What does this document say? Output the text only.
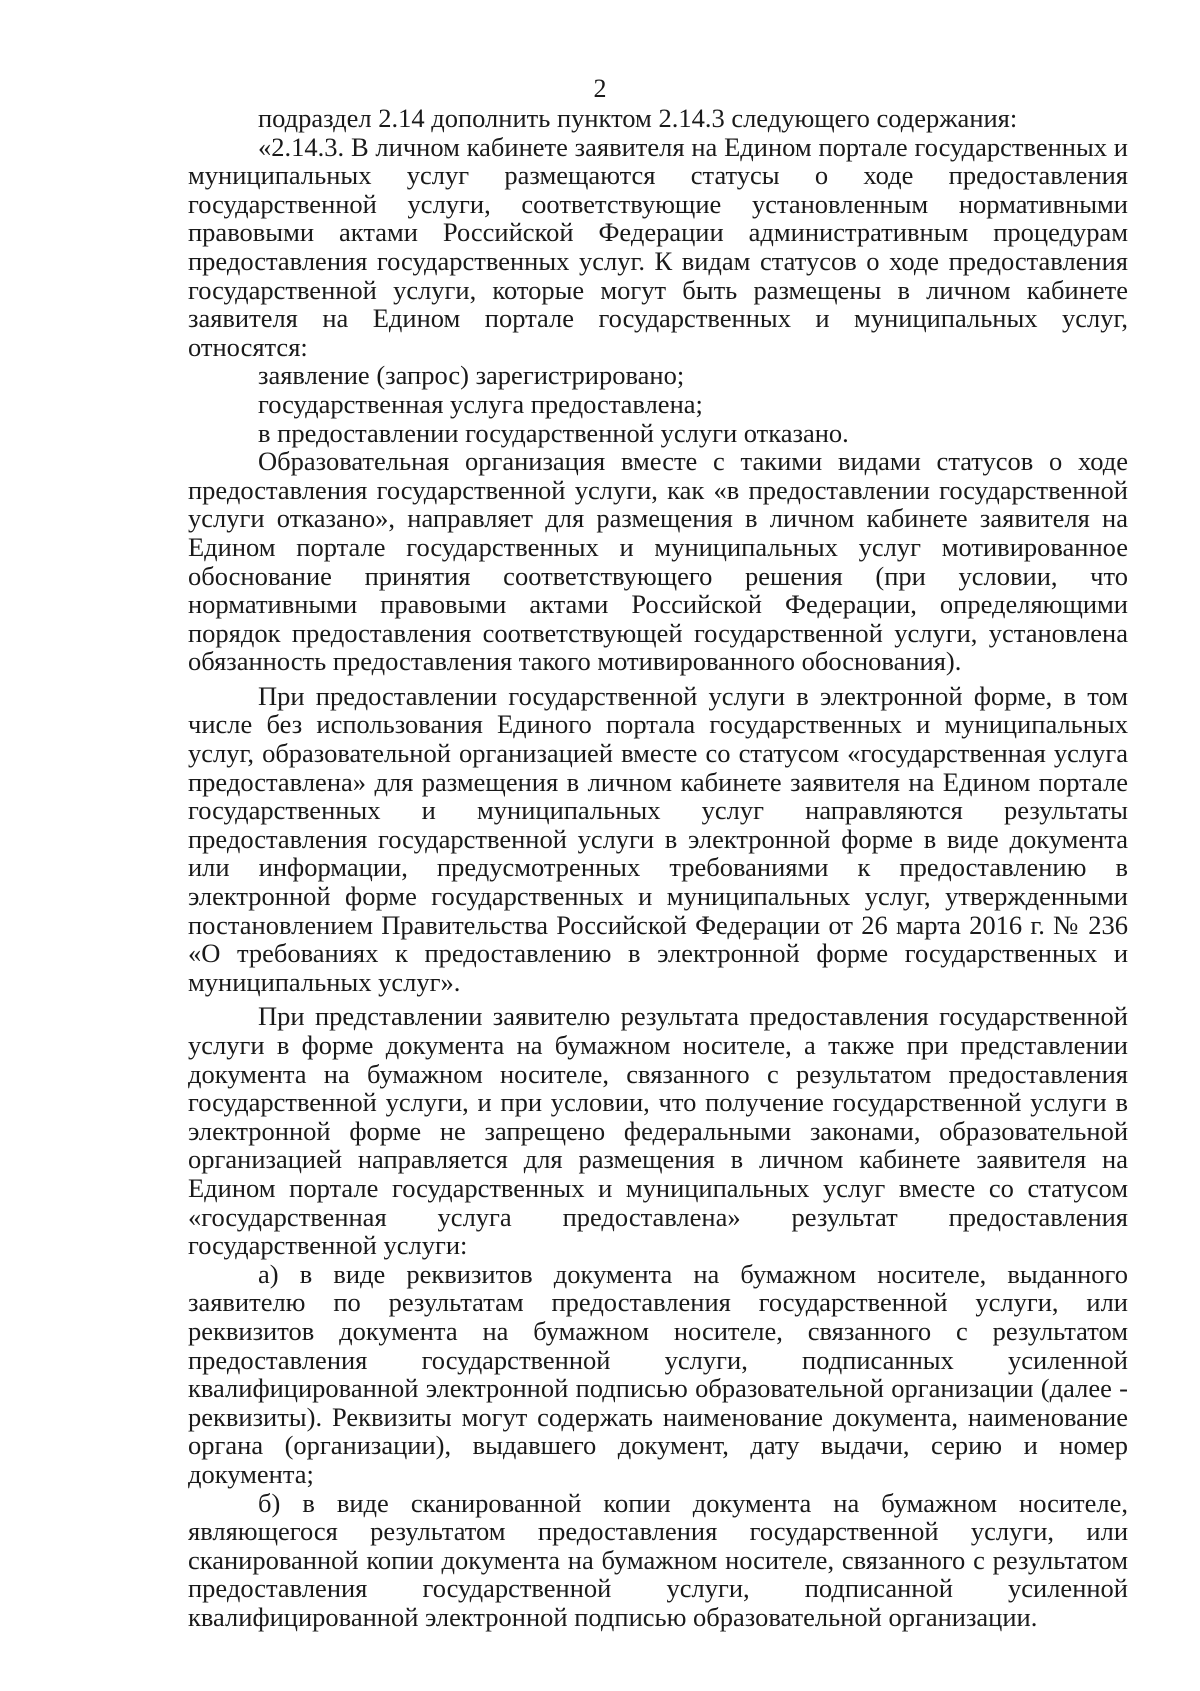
2

подраздел 2.14 дополнить пунктом 2.14.3 следующего содержания:

«2.14.3. В личном кабинете заявителя на Едином портале государственных и муниципальных услуг размещаются статусы о ходе предоставления государственной услуги, соответствующие установленным нормативными правовыми актами Российской Федерации административным процедурам предоставления государственных услуг. К видам статусов о ходе предоставления государственной услуги, которые могут быть размещены в личном кабинете заявителя на Едином портале государственных и муниципальных услуг, относятся:

заявление (запрос) зарегистрировано;

государственная услуга предоставлена;

в предоставлении государственной услуги отказано.

Образовательная организация вместе с такими видами статусов о ходе предоставления государственной услуги, как «в предоставлении государственной услуги отказано», направляет для размещения в личном кабинете заявителя на Едином портале государственных и муниципальных услуг мотивированное обоснование принятия соответствующего решения (при условии, что нормативными правовыми актами Российской Федерации, определяющими порядок предоставления соответствующей государственной услуги, установлена обязанность предоставления такого мотивированного обоснования).

При предоставлении государственной услуги в электронной форме, в том числе без использования Единого портала государственных и муниципальных услуг, образовательной организацией вместе со статусом «государственная услуга предоставлена» для размещения в личном кабинете заявителя на Едином портале государственных и муниципальных услуг направляются результаты предоставления государственной услуги в электронной форме в виде документа или информации, предусмотренных требованиями к предоставлению в электронной форме государственных и муниципальных услуг, утвержденными постановлением Правительства Российской Федерации от 26 марта 2016 г. № 236 «О требованиях к предоставлению в электронной форме государственных и муниципальных услуг».

При представлении заявителю результата предоставления государственной услуги в форме документа на бумажном носителе, а также при представлении документа на бумажном носителе, связанного с результатом предоставления государственной услуги, и при условии, что получение государственной услуги в электронной форме не запрещено федеральными законами, образовательной организацией направляется для размещения в личном кабинете заявителя на Едином портале государственных и муниципальных услуг вместе со статусом «государственная услуга предоставлена» результат предоставления государственной услуги:

а) в виде реквизитов документа на бумажном носителе, выданного заявителю по результатам предоставления государственной услуги, или реквизитов документа на бумажном носителе, связанного с результатом предоставления государственной услуги, подписанных усиленной квалифицированной электронной подписью образовательной организации (далее - реквизиты). Реквизиты могут содержать наименование документа, наименование органа (организации), выдавшего документ, дату выдачи, серию и номер документа;

б) в виде сканированной копии документа на бумажном носителе, являющегося результатом предоставления государственной услуги, или сканированной копии документа на бумажном носителе, связанного с результатом предоставления государственной услуги, подписанной усиленной квалифицированной электронной подписью образовательной организации.
